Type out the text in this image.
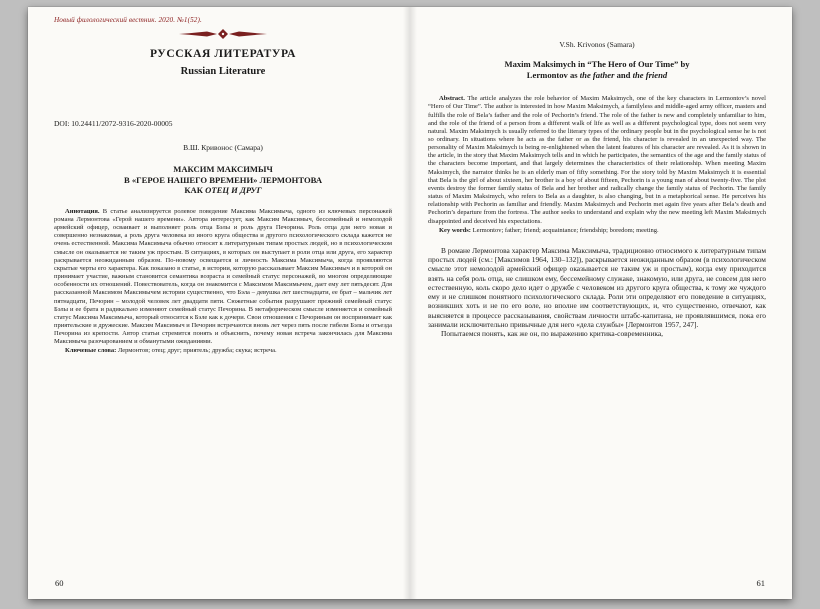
Новый филологический вестник. 2020. №1(52).
РУССКАЯ ЛИТЕРАТУРА
Russian Literature
DOI: 10.24411/2072-9316-2020-00005
В.Ш. Кривонос (Самара)
МАКСИМ МАКСИМЫЧ
В «ГЕРОЕ НАШЕГО ВРЕМЕНИ» ЛЕРМОНТОВА
КАК ОТЕЦ И ДРУГ

Аннотация. В статье анализируется ролевое поведение Максима Максимыча, одного из ключевых персонажей романа Лермонтова «Герой нашего времени». Автора интересует, как Максим Максимыч, бессемейный и немолодой армейский офицер, осваивает и выполняет роль отца Бэлы и роль друга Печорина. Роль отца для него новая и совершенно незнакомая, а роль друга человека из иного круга общества и другого психологического склада кажется не очень естественной. Максима Максимыча обычно относят к литературным типам простых людей, но в психологическом смысле он оказывается не таким уж простым. В ситуациях, в которых он выступает в роли отца или друга, его характер раскрывается неожиданным образом. По-новому освещается и личность Максима Максимыча, когда проявляются скрытые черты его характера. Как показано в статье, в истории, которую рассказывает Максим Максимыч и в которой он принимает участие, важным становится семантика возраста и семейный статус персонажей, во многом определяющие особенности их отношений. Повествователь, когда он знакомится с Максимом Максимычем, дает ему лет пятьдесят. Для рассказанной Максимом Максимычем истории существенно, что Бэла – девушка лет шестнадцати, ее брат – мальчик лет пятнадцати, Печорин – молодой человек лет двадцати пяти. Сюжетные события разрушают прежний семейный статус Бэлы и ее брата и радикально изменяют семейный статус Печорина. В метафорическом смысле изменяется и семейный статус Максима Максимыча, который относится к Бэле как к дочери. Свои отношения с Печориным он воспринимает как приятельские и дружеские. Максим Максимыч и Печорин встречаются вновь лет через пять после гибели Бэлы и отъезда Печорина из крепости. Автор статьи стремится понять и объяснить, почему новая встреча закончилась для Максима Максимыча разочарованием и обманутыми ожиданиями.

Ключевые слова: Лермонтов; отец; друг; приятель; дружба; скука; встреча.

60
V.Sh. Krivonos (Samara)
Maxim Maksimych in “The Hero of Our Time” by
Lermontov as the father and the friend

Abstract. The article analyzes the role behavior of Maxim Maksimych, one of the key characters in Lermontov’s novel “Hero of Our Time”. The author is interested in how Maxim Maksimych, a familyless and middle-aged army officer, masters and fulfills the role of Bela’s father and the role of Pechorin’s friend. The role of the father is new and completely unfamiliar to him, and the role of the friend of a person from a different walk of life as well as a different psychological type, does not seem very natural. Maxim Maksimych is usually referred to the literary types of the ordinary people but in the psychological sense he is not so ordinary. In situations where he acts as the father or as the friend, his character is revealed in an unexpected way. The personality of Maxim Maksimych is being re-enlightened when the latent features of his character are revealed. As it is shown in the article, in the story that Maxim Maksimych tells and in which he participates, the semantics of the age and the family status of the characters become important, and that largely determines the characteristics of their relationship. When meeting Maxim Maksimych, the narrator thinks he is an elderly man of fifty something. For the story told by Maxim Maksimych it is essential that Bela is the girl of about sixteen, her brother is a boy of about fifteen, Pechorin is a young man of about twenty-five. The plot events destroy the former family status of Bela and her brother and radically change the family status of Pechorin. The family status of Maxim Maksimych, who refers to Bela as a daughter, is also changing, but in a metaphorical sense. He perceives his relationship with Pechorin as familiar and friendly. Maxim Maksimych and Pechorin met again five years after Bela’s death and Pechorin’s departure from the fortress. The author seeks to understand and explain why the new meeting left Maxim Maksimych disappointed and deceived his expectations.

Key words: Lermontov; father; friend; acquaintance; friendship; boredom; meeting.

В романе Лермонтова характер Максима Максимыча, традиционно относимого к литературным типам простых людей (см.: [Максимов 1964, 130–132]), раскрывается неожиданным образом (в психологическом смысле этот немолодой армейский офицер оказывается не таким уж и простым), когда ему приходится взять на себя роль отца, не слишком ему, бессемейному служаке, знакомую, или друга, не совсем для него естественную, коль скоро дело идет о дружбе с человеком из другого круга общества, к тому же чуждого ему и не слишком понятного психологического склада. Роли эти определяют его поведение в ситуациях, возникших хоть и не по его воле, но вполне им соответствующих, и, что существенно, отвечают, как выясняется в процессе рассказывания, свойствам личности штабс-капитана, не проявлявшимся, пока его занимали исключительно привычные для него «дела службы» [Лермонтов 1957, 247].

Попытаемся понять, как же он, по выражению критика-современника,

61
